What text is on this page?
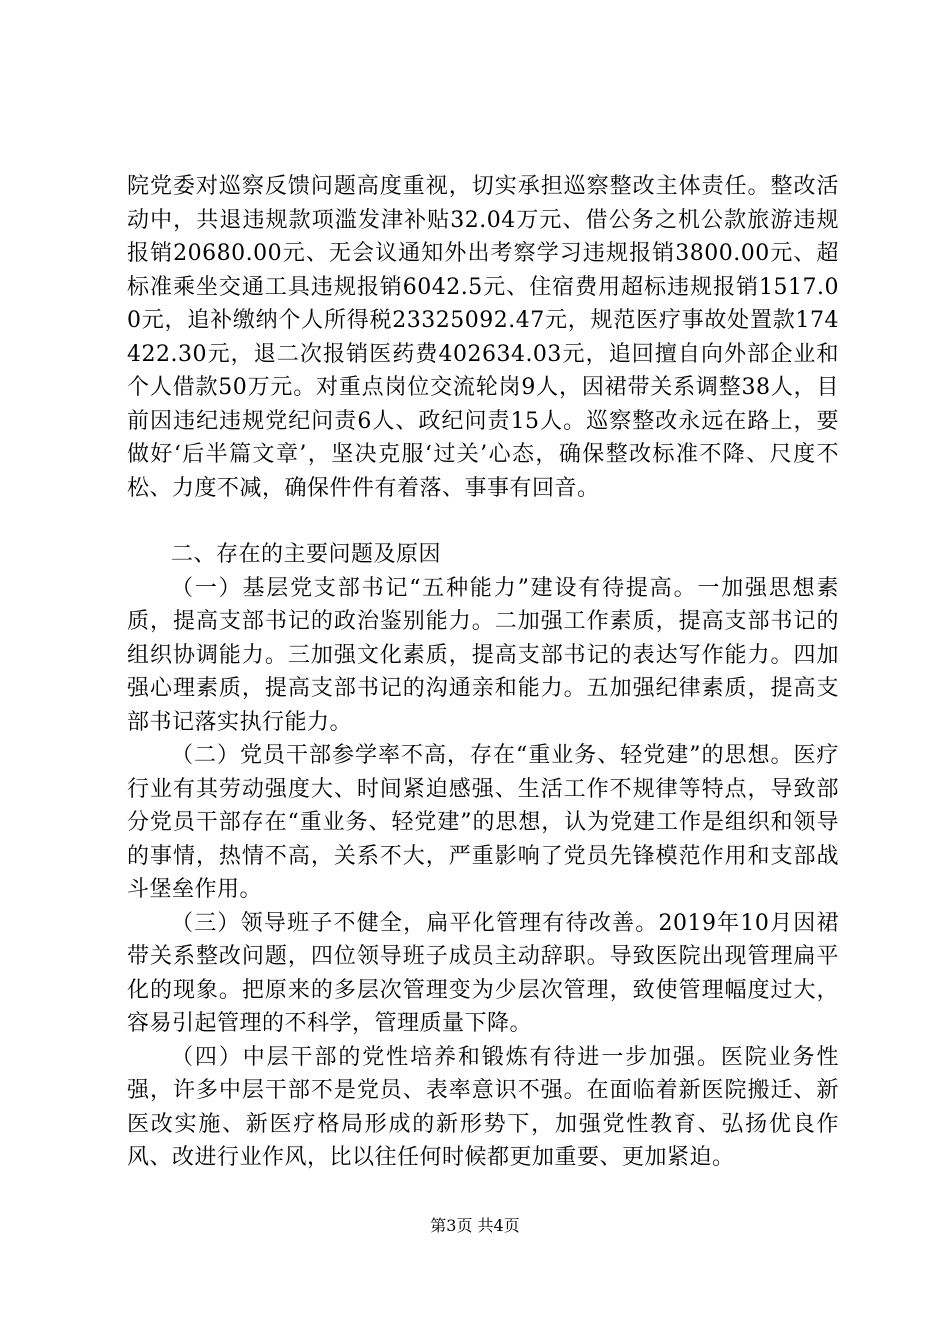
院党委对巡察反馈问题高度重视，切实承担巡察整改主体责任。整改活动中，共退违规款项滥发津补贴32.04万元、借公务之机公款旅游违规报销20680.00元、无会议通知外出考察学习违规报销3800.00元、超标准乘坐交通工具违规报销6042.5元、住宿费用超标违规报销1517.00元，追补缴纳个人所得税23325092.47元，规范医疗事故处置款174422.30元，退二次报销医药费402634.03元，追回擅自向外部企业和个人借款50万元。对重点岗位交流轮岗9人，因裙带关系调整38人，目前因违纪违规党纪问责6人、政纪问责15人。巡察整改永远在路上，要做好‘后半篇文章’，坚决克服‘过关’心态，确保整改标准不降、尺度不松、力度不减，确保件件有着落、事事有回音。

二、存在的主要问题及原因

（一）基层党支部书记“五种能力”建设有待提高。一加强思想素质，提高支部书记的政治鉴别能力。二加强工作素质，提高支部书记的组织协调能力。三加强文化素质，提高支部书记的表达写作能力。四加强心理素质，提高支部书记的沟通亲和能力。五加强纪律素质，提高支部书记落实执行能力。

（二）党员干部参学率不高，存在“重业务、轻党建”的思想。医疗行业有其劳动强度大、时间紧迫感强、生活工作不规律等特点，导致部分党员干部存在“重业务、轻党建”的思想，认为党建工作是组织和领导的事情，热情不高，关系不大，严重影响了党员先锋模范作用和支部战斗堡垒作用。

（三）领导班子不健全，扁平化管理有待改善。2019年10月因裙带关系整改问题，四位领导班子成员主动辞职。导致医院出现管理扁平化的现象。把原来的多层次管理变为少层次管理，致使管理幅度过大，容易引起管理的不科学，管理质量下降。

（四）中层干部的党性培养和锻炼有待进一步加强。医院业务性强，许多中层干部不是党员、表率意识不强。在面临着新医院搬迁、新医改实施、新医疗格局形成的新形势下，加强党性教育、弘扬优良作风、改进行业作风，比以往任何时候都更加重要、更加紧迫。

第3页 共4页
